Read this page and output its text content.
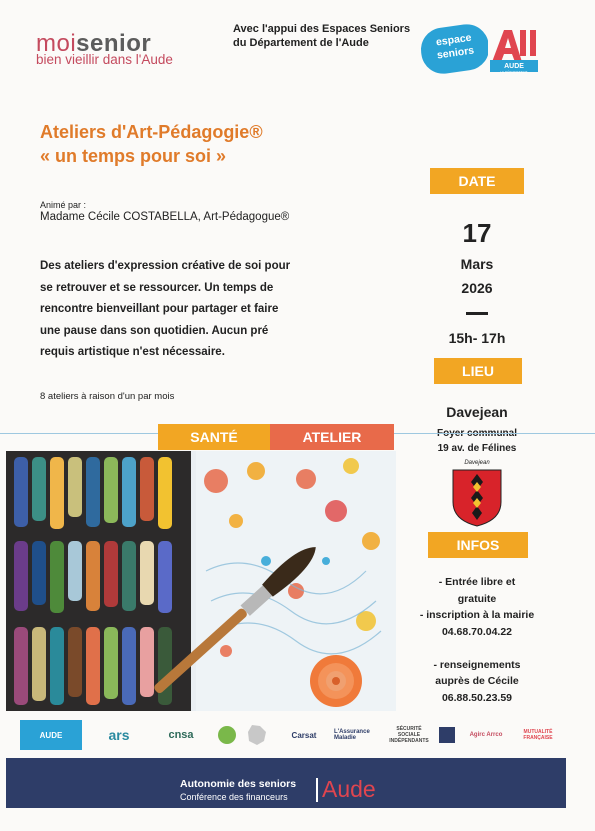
moisenior
bien vieillir dans l'Aude
Avec l'appui des Espaces Seniors
du Département de l'Aude	espace
seniors
AUDE
LE DÉPARTEMENT
Ateliers d'Art-Pédagogie®
« un temps pour soi »
Animé par :
Madame Cécile COSTABELLA, Art-Pédagogue®
Des ateliers d'expression créative de soi pour
se retrouver et se ressourcer. Un temps de
rencontre bienveillant pour partager et faire
une pause dans son quotidien. Aucun pré
requis artistique n'est nécessaire.
8 ateliers à raison d'un par mois
DATE
17
Mars
2026
15h- 17h
LIEU
Davejean
19 av. de Félines
Davejean
INFOS
- Entrée libre et
gratuite
- inscription à la mairie
04.68.70.04.22
- renseignements
auprès de Cécile
06.88.50.23.59
SANTÉ	ATELIER
AUDE	ars	cnsa	Carsat	L'Assurance Maladie
SÉCURITÉ SOCIALE INDÉPENDANTS
Agirc Arrco	MUTUALITÉ FRANÇAISE
Autonomie des seniors
Conférence des financeurs Aude
